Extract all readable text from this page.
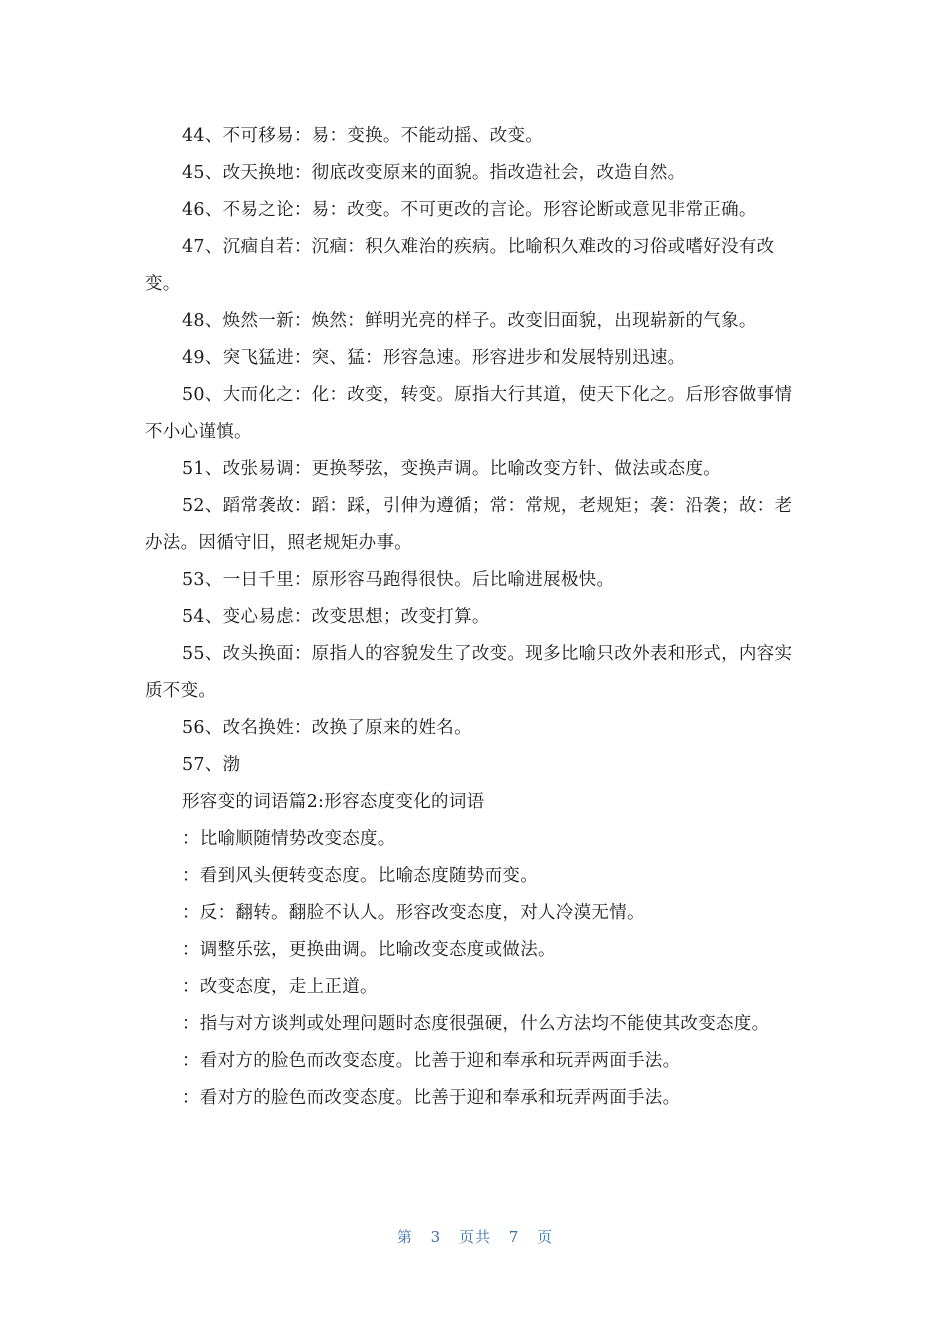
44、不可移易：易：变换。不能动摇、改变。

45、改天换地：彻底改变原来的面貌。指改造社会，改造自然。

46、不易之论：易：改变。不可更改的言论。形容论断或意见非常正确。

47、沉痼自若：沉痼：积久难治的疾病。比喻积久难改的习俗或嗜好没有改变。

48、焕然一新：焕然：鲜明光亮的样子。改变旧面貌，出现崭新的气象。

49、突飞猛进：突、猛：形容急速。形容进步和发展特别迅速。

50、大而化之：化：改变，转变。原指大行其道，使天下化之。后形容做事情不小心谨慎。

51、改张易调：更换琴弦，变换声调。比喻改变方针、做法或态度。

52、蹈常袭故：蹈：踩，引伸为遵循；常：常规，老规矩；袭：沿袭；故：老办法。因循守旧，照老规矩办事。

53、一日千里：原形容马跑得很快。后比喻进展极快。

54、变心易虑：改变思想；改变打算。

55、改头换面：原指人的容貌发生了改变。现多比喻只改外表和形式，内容实质不变。

56、改名换姓：改换了原来的姓名。

57、渤

形容变的词语篇2:形容态度变化的词语

：比喻顺随情势改变态度。

：看到风头便转变态度。比喻态度随势而变。

：反：翻转。翻脸不认人。形容改变态度，对人冷漠无情。

：调整乐弦，更换曲调。比喻改变态度或做法。

：改变态度，走上正道。

：指与对方谈判或处理问题时态度很强硬，什么方法均不能使其改变态度。

：看对方的脸色而改变态度。比善于迎和奉承和玩弄两面手法。

：看对方的脸色而改变态度。比善于迎和奉承和玩弄两面手法。

第 3 页共 7 页
